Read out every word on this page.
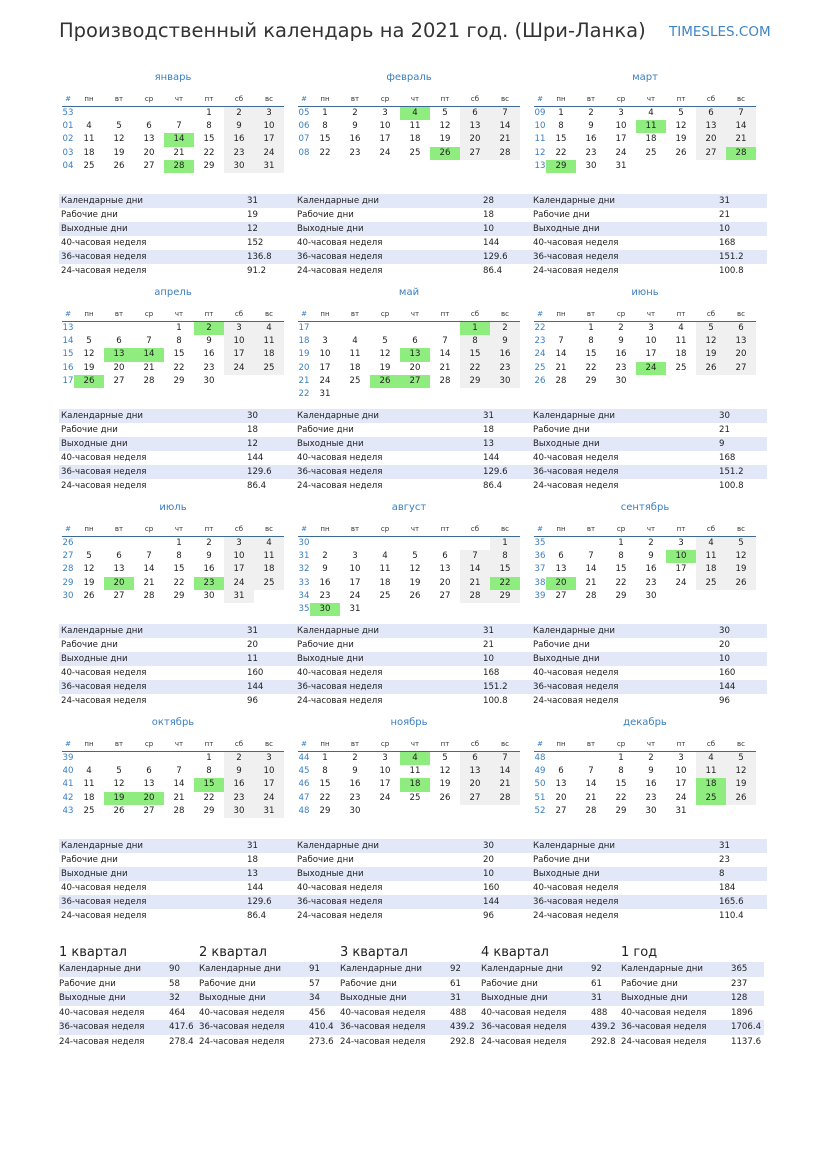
Производственный календарь на 2021 год. (Шри-Ланка) TIMESLES.COM
январь
#	пн	вт	ср	чт	пт	сб	вс
53					1	2	3
01	4	5	6	7	8	9	10
02	11	12	13	14	15	16	17
03	18	19	20	21	22	23	24
04	25	26	27	28	29	30	31
Календарные дни	31
Рабочие дни	19
Выходные дни	12
40-часовая неделя	152
36-часовая неделя	136.8
24-часовая неделя	91.2
февраль
#	пн	вт	ср	чт	пт	сб	вс
05	1	2	3	4	5	6	7
06	8	9	10	11	12	13	14
07	15	16	17	18	19	20	21
08	22	23	24	25	26	27	28
Календарные дни	28
Рабочие дни	18
Выходные дни	10
40-часовая неделя	144
36-часовая неделя	129.6
24-часовая неделя	86.4
март
#	пн	вт	ср	чт	пт	сб	вс
09	1	2	3	4	5	6	7
10	8	9	10	11	12	13	14
11	15	16	17	18	19	20	21
12	22	23	24	25	26	27	28
13	29	30	31				
Календарные дни	31
Рабочие дни	21
Выходные дни	10
40-часовая неделя	168
36-часовая неделя	151.2
24-часовая неделя	100.8
апрель
#	пн	вт	ср	чт	пт	сб	вс
13				1	2	3	4
14	5	6	7	8	9	10	11
15	12	13	14	15	16	17	18
16	19	20	21	22	23	24	25
17	26	27	28	29	30		
Календарные дни	30
Рабочие дни	18
Выходные дни	12
40-часовая неделя	144
36-часовая неделя	129.6
24-часовая неделя	86.4
май
#	пн	вт	ср	чт	пт	сб	вс
17						1	2
18	3	4	5	6	7	8	9
19	10	11	12	13	14	15	16
20	17	18	19	20	21	22	23
21	24	25	26	27	28	29	30
22	31						
Календарные дни	31
Рабочие дни	18
Выходные дни	13
40-часовая неделя	144
36-часовая неделя	129.6
24-часовая неделя	86.4
июнь
#	пн	вт	ср	чт	пт	сб	вс
22		1	2	3	4	5	6
23	7	8	9	10	11	12	13
24	14	15	16	17	18	19	20
25	21	22	23	24	25	26	27
26	28	29	30				
Календарные дни	30
Рабочие дни	21
Выходные дни	9
40-часовая неделя	168
36-часовая неделя	151.2
24-часовая неделя	100.8
июль
#	пн	вт	ср	чт	пт	сб	вс
26				1	2	3	4
27	5	6	7	8	9	10	11
28	12	13	14	15	16	17	18
29	19	20	21	22	23	24	25
30	26	27	28	29	30	31	
Календарные дни	31
Рабочие дни	20
Выходные дни	11
40-часовая неделя	160
36-часовая неделя	144
24-часовая неделя	96
август
#	пн	вт	ср	чт	пт	сб	вс
30							1
31	2	3	4	5	6	7	8
32	9	10	11	12	13	14	15
33	16	17	18	19	20	21	22
34	23	24	25	26	27	28	29
35	30	31					
Календарные дни	31
Рабочие дни	21
Выходные дни	10
40-часовая неделя	168
36-часовая неделя	151.2
24-часовая неделя	100.8
сентябрь
#	пн	вт	ср	чт	пт	сб	вс
35			1	2	3	4	5
36	6	7	8	9	10	11	12
37	13	14	15	16	17	18	19
38	20	21	22	23	24	25	26
39	27	28	29	30			
Календарные дни	30
Рабочие дни	20
Выходные дни	10
40-часовая неделя	160
36-часовая неделя	144
24-часовая неделя	96
октябрь
#	пн	вт	ср	чт	пт	сб	вс
39					1	2	3
40	4	5	6	7	8	9	10
41	11	12	13	14	15	16	17
42	18	19	20	21	22	23	24
43	25	26	27	28	29	30	31
Календарные дни	31
Рабочие дни	18
Выходные дни	13
40-часовая неделя	144
36-часовая неделя	129.6
24-часовая неделя	86.4
ноябрь
#	пн	вт	ср	чт	пт	сб	вс
44	1	2	3	4	5	6	7
45	8	9	10	11	12	13	14
46	15	16	17	18	19	20	21
47	22	23	24	25	26	27	28
48	29	30					
Календарные дни	30
Рабочие дни	20
Выходные дни	10
40-часовая неделя	160
36-часовая неделя	144
24-часовая неделя	96
декабрь
#	пн	вт	ср	чт	пт	сб	вс
48			1	2	3	4	5
49	6	7	8	9	10	11	12
50	13	14	15	16	17	18	19
51	20	21	22	23	24	25	26
52	27	28	29	30	31		
Календарные дни	31
Рабочие дни	23
Выходные дни	8
40-часовая неделя	184
36-часовая неделя	165.6
24-часовая неделя	110.4
1 квартал
Календарные дни	90
Рабочие дни	58
Выходные дни	32
40-часовая неделя	464
36-часовая неделя	417.6
24-часовая неделя	278.4
2 квартал
Календарные дни	91
Рабочие дни	57
Выходные дни	34
40-часовая неделя	456
36-часовая неделя	410.4
24-часовая неделя	273.6
3 квартал
Календарные дни	92
Рабочие дни	61
Выходные дни	31
40-часовая неделя	488
36-часовая неделя	439.2
24-часовая неделя	292.8
4 квартал
Календарные дни	92
Рабочие дни	61
Выходные дни	31
40-часовая неделя	488
36-часовая неделя	439.2
24-часовая неделя	292.8
1 год
Календарные дни	365
Рабочие дни	237
Выходные дни	128
40-часовая неделя	1896
36-часовая неделя	1706.4
24-часовая неделя	1137.6
